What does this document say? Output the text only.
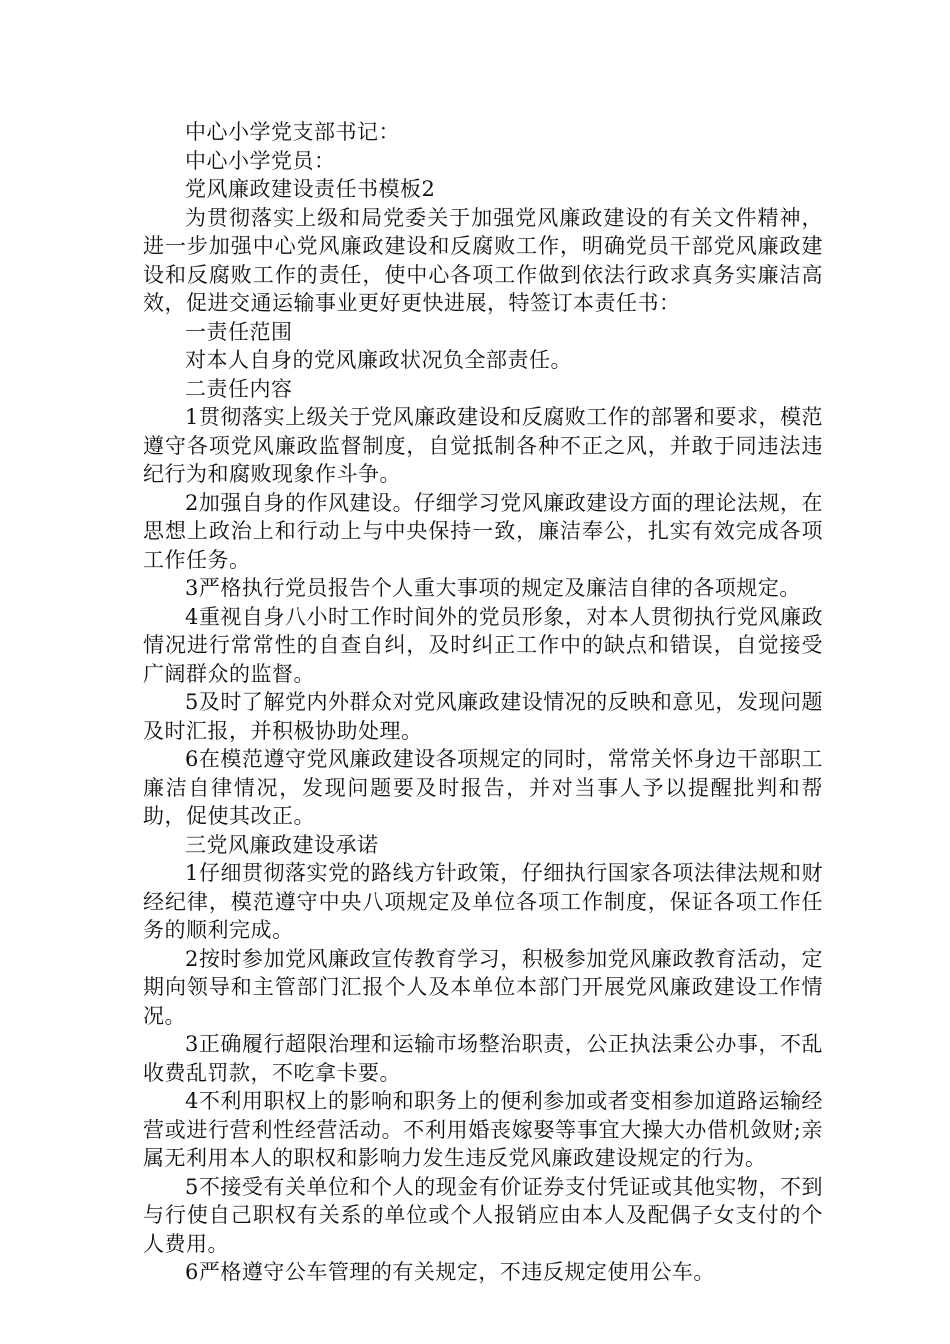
中心小学党支部书记：

中心小学党员：

党风廉政建设责任书模板2

为贯彻落实上级和局党委关于加强党风廉政建设的有关文件精神，进一步加强中心党风廉政建设和反腐败工作，明确党员干部党风廉政建设和反腐败工作的责任，使中心各项工作做到依法行政求真务实廉洁高效，促进交通运输事业更好更快进展，特签订本责任书：

一责任范围

对本人自身的党风廉政状况负全部责任。

二责任内容

1贯彻落实上级关于党风廉政建设和反腐败工作的部署和要求，模范遵守各项党风廉政监督制度，自觉抵制各种不正之风，并敢于同违法违纪行为和腐败现象作斗争。

2加强自身的作风建设。仔细学习党风廉政建设方面的理论法规，在思想上政治上和行动上与中央保持一致，廉洁奉公，扎实有效完成各项工作任务。

3严格执行党员报告个人重大事项的规定及廉洁自律的各项规定。

4重视自身八小时工作时间外的党员形象，对本人贯彻执行党风廉政情况进行常常性的自查自纠，及时纠正工作中的缺点和错误，自觉接受广阔群众的监督。

5及时了解党内外群众对党风廉政建设情况的反映和意见，发现问题及时汇报，并积极协助处理。

6在模范遵守党风廉政建设各项规定的同时，常常关怀身边干部职工廉洁自律情况，发现问题要及时报告，并对当事人予以提醒批判和帮助，促使其改正。

三党风廉政建设承诺

1仔细贯彻落实党的路线方针政策，仔细执行国家各项法律法规和财经纪律，模范遵守中央八项规定及单位各项工作制度，保证各项工作任务的顺利完成。

2按时参加党风廉政宣传教育学习，积极参加党风廉政教育活动，定期向领导和主管部门汇报个人及本单位本部门开展党风廉政建设工作情况。

3正确履行超限治理和运输市场整治职责，公正执法秉公办事，不乱收费乱罚款，不吃拿卡要。

4不利用职权上的影响和职务上的便利参加或者变相参加道路运输经营或进行营利性经营活动。不利用婚丧嫁娶等事宜大操大办借机敛财;亲属无利用本人的职权和影响力发生违反党风廉政建设规定的行为。

5不接受有关单位和个人的现金有价证券支付凭证或其他实物，不到与行使自己职权有关系的单位或个人报销应由本人及配偶子女支付的个人费用。

6严格遵守公车管理的有关规定，不违反规定使用公车。
